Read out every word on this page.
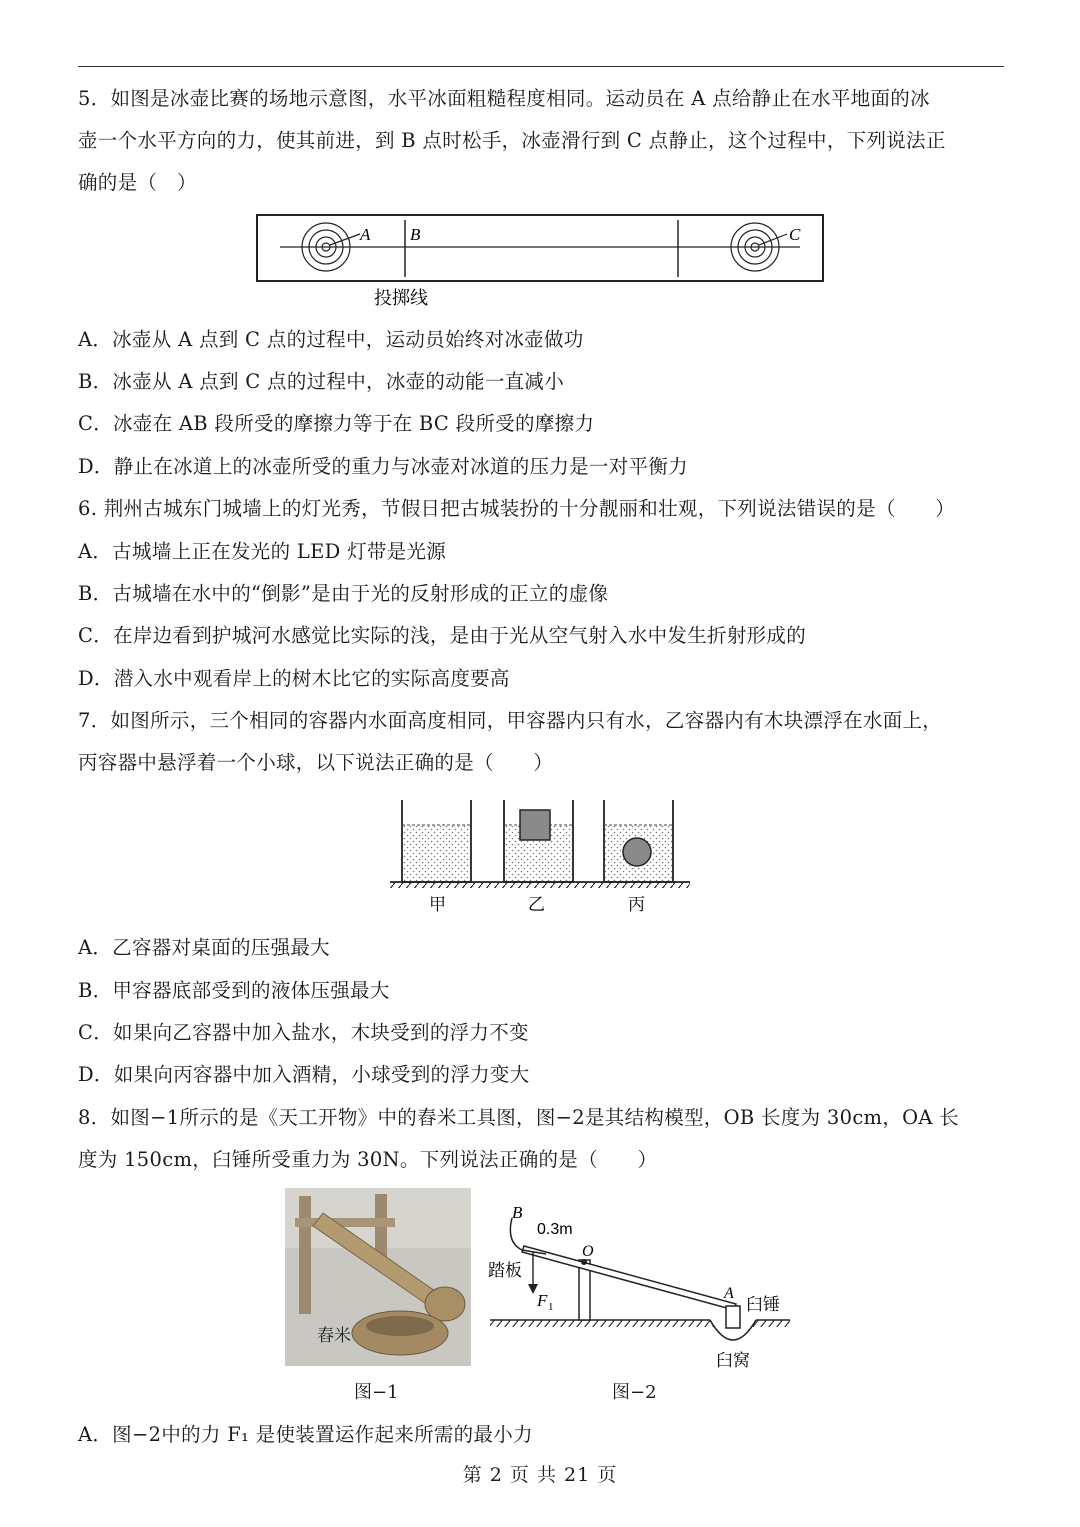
5．如图是冰壶比赛的场地示意图，水平冰面粗糙程度相同。运动员在 A 点给静止在水平地面的冰
壶一个水平方向的力，使其前进，到 B 点时松手，冰壶滑行到 C 点静止，这个过程中，下列说法正
确的是（　）
A B	C
投掷线
A．冰壶从 A 点到 C 点的过程中，运动员始终对冰壶做功
B．冰壶从 A 点到 C 点的过程中，冰壶的动能一直减小
C．冰壶在 AB 段所受的摩擦力等于在 BC 段所受的摩擦力
D．静止在冰道上的冰壶所受的重力与冰壶对冰道的压力是一对平衡力
6. 荆州古城东门城墙上的灯光秀，节假日把古城装扮的十分靓丽和壮观，下列说法错误的是（　　）
A．古城墙上正在发光的 LED 灯带是光源
B．古城墙在水中的“倒影”是由于光的反射形成的正立的虚像
C．在岸边看到护城河水感觉比实际的浅，是由于光从空气射入水中发生折射形成的
D．潜入水中观看岸上的树木比它的实际高度要高
7．如图所示，三个相同的容器内水面高度相同，甲容器内只有水，乙容器内有木块漂浮在水面上，
丙容器中悬浮着一个小球，以下说法正确的是（　　）
甲	乙	丙
A．乙容器对桌面的压强最大
B．甲容器底部受到的液体压强最大
C．如果向乙容器中加入盐水，木块受到的浮力不变
D．如果向丙容器中加入酒精，小球受到的浮力变大
8．如图−1所示的是《天工开物》中的舂米工具图，图−2是其结构模型，OB 长度为 30cm，OA 长
度为 150cm，臼锤所受重力为 30N。下列说法正确的是（　　）
舂米
图−1
B
0.3m
O
踏板
F 1
A
臼锤
臼窝
图−2
A．图−2中的力 F₁ 是使装置运作起来所需的最小力
第 2 页 共 21 页
